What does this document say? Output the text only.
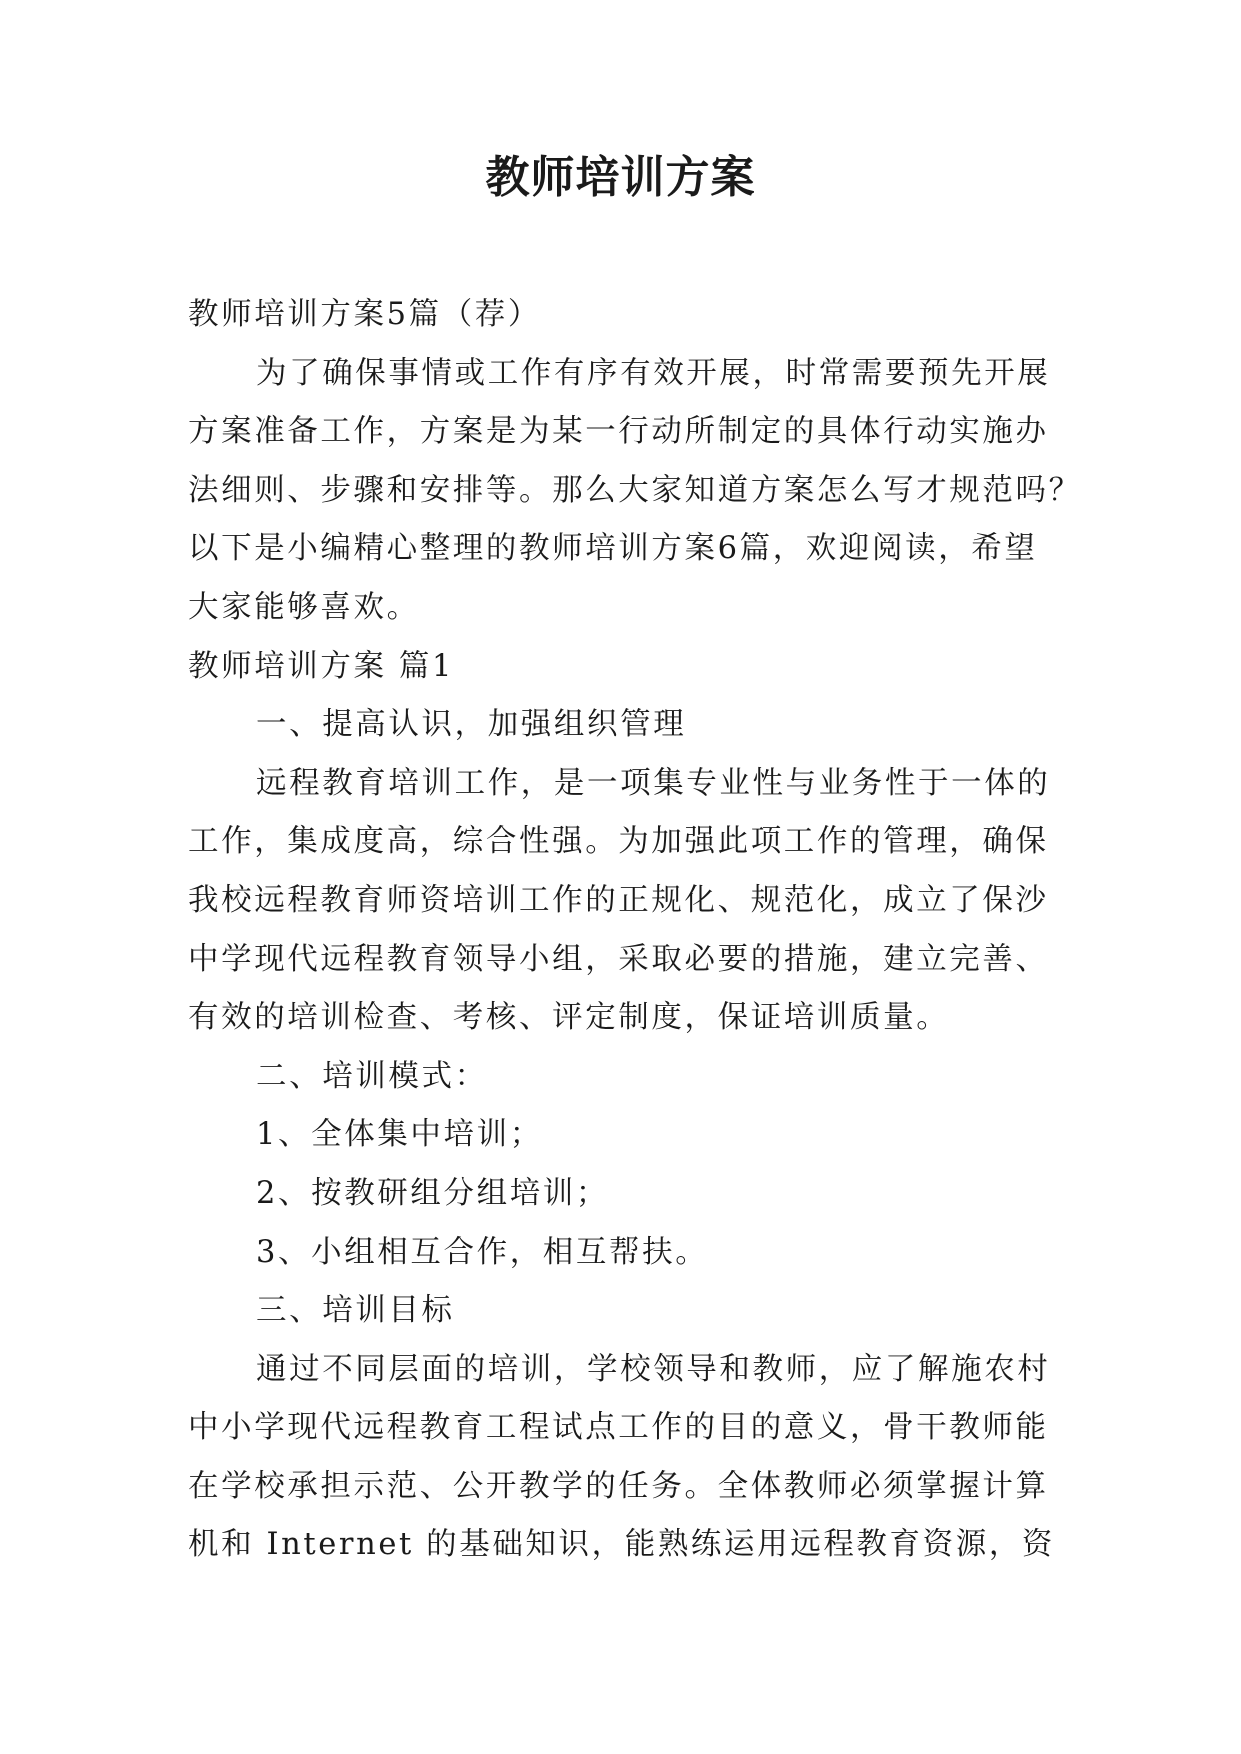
教师培训方案
教师培训方案5篇（荐）
为了确保事情或工作有序有效开展，时常需要预先开展
方案准备工作，方案是为某一行动所制定的具体行动实施办
法细则、步骤和安排等。那么大家知道方案怎么写才规范吗？
以下是小编精心整理的教师培训方案6篇，欢迎阅读，希望
大家能够喜欢。
教师培训方案 篇1
一、提高认识，加强组织管理
远程教育培训工作，是一项集专业性与业务性于一体的
工作，集成度高，综合性强。为加强此项工作的管理，确保
我校远程教育师资培训工作的正规化、规范化，成立了保沙
中学现代远程教育领导小组，采取必要的措施，建立完善、
有效的培训检查、考核、评定制度，保证培训质量。
二、培训模式：
1、全体集中培训；
2、按教研组分组培训；
3、小组相互合作，相互帮扶。
三、培训目标
通过不同层面的培训，学校领导和教师，应了解施农村
中小学现代远程教育工程试点工作的目的意义，骨干教师能
在学校承担示范、公开教学的任务。全体教师必须掌握计算
机和 Internet 的基础知识，能熟练运用远程教育资源，资
